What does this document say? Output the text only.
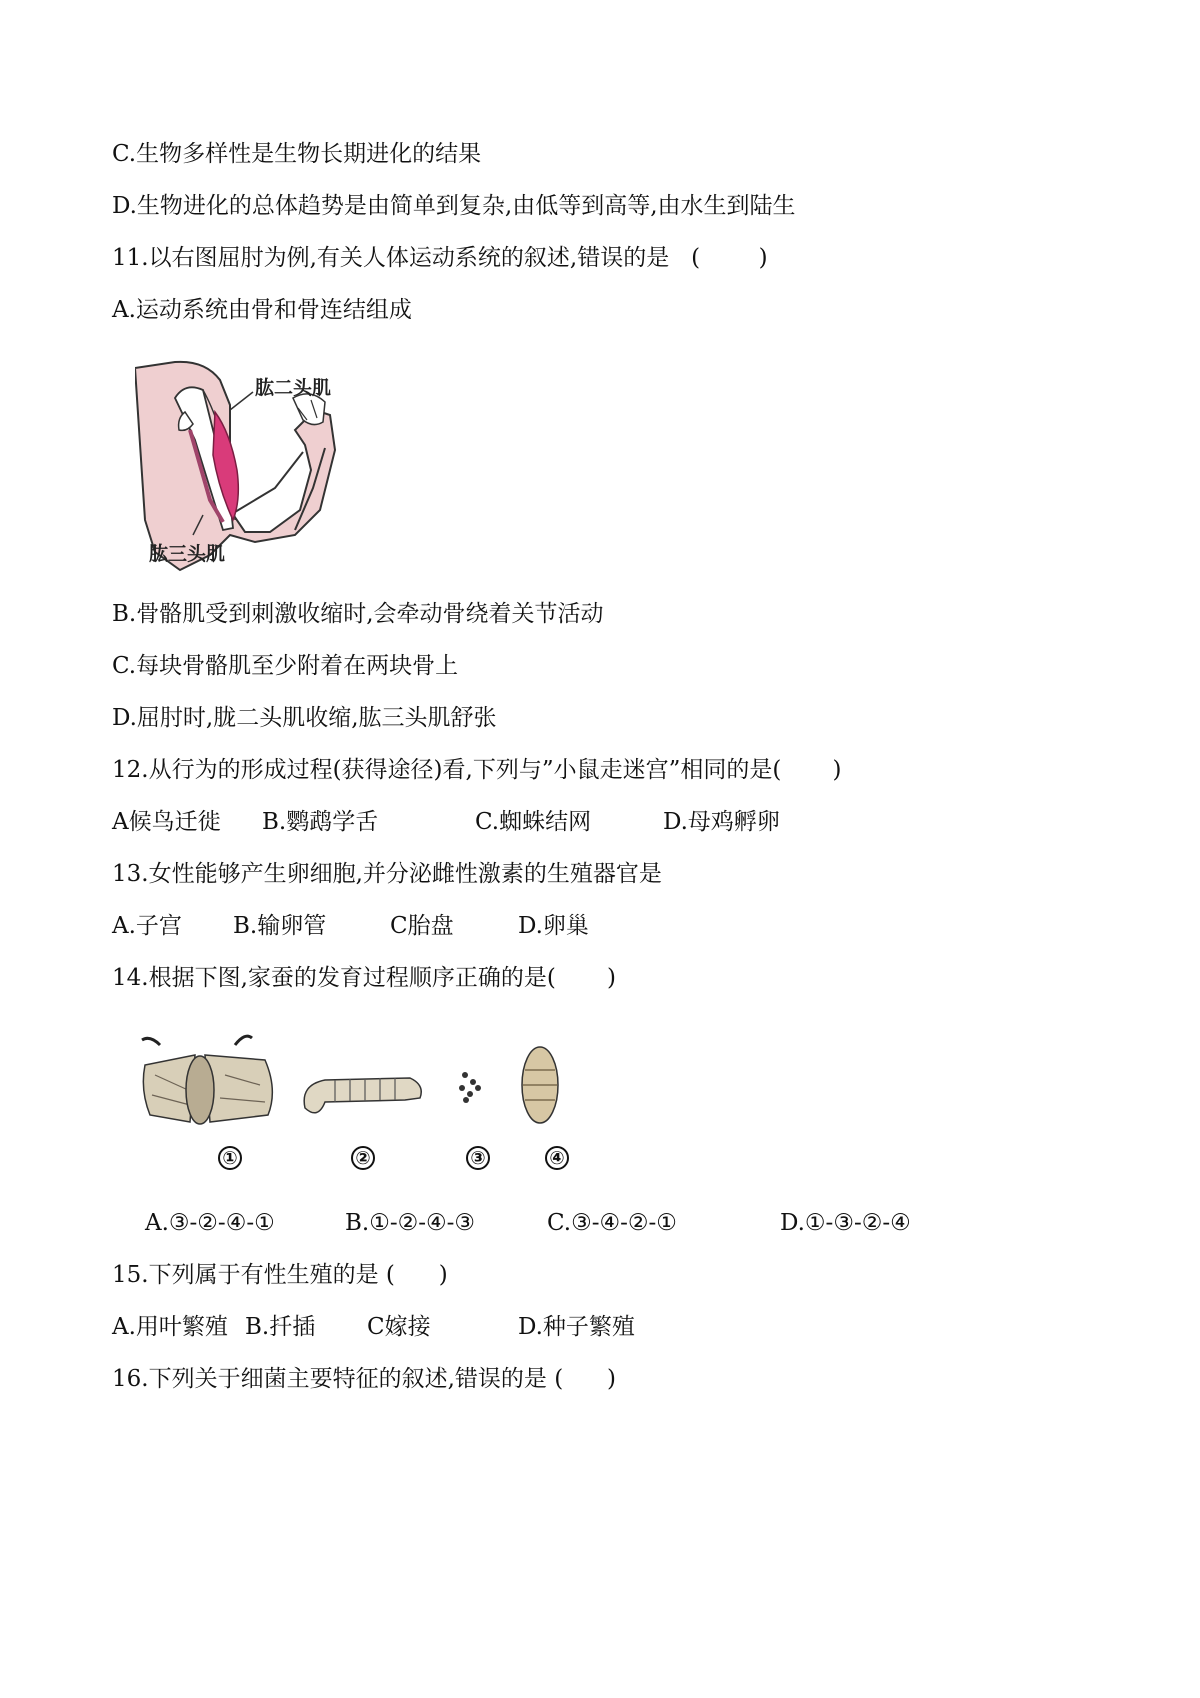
C.生物多样性是生物长期进化的结果
D.生物进化的总体趋势是由简单到复杂,由低等到高等,由水生到陆生
11.以右图屈肘为例,有关人体运动系统的叙述,错误的是   (        )
A.运动系统由骨和骨连结组成
肱二头肌
肱三头肌
B.骨骼肌受到刺激收缩时,会牵动骨绕着关节活动
C.每块骨骼肌至少附着在两块骨上
D.屈肘时,胧二头肌收缩,肱三头肌舒张
12.从行为的形成过程(获得途径)看,下列与”小鼠走迷宫”相同的是(       )
A候鸟迁徙 B.鹦鹉学舌	C.蜘蛛结网	D.母鸡孵卵
13.女性能够产生卵细胞,并分泌雌性激素的生殖器官是
A.子宫 B.输卵管	C胎盘	D.卵巢
14.根据下图,家蚕的发育过程顺序正确的是(       )
①	②	③	④
A.③-②-④-①	B.①-②-④-③	C.③-④-②-①	D.①-③-②-④
15.下列属于有性生殖的是 (      )
A.用叶繁殖 B.扦插 C嫁接	D.种子繁殖
16.下列关于细菌主要特征的叙述,错误的是 (      )
